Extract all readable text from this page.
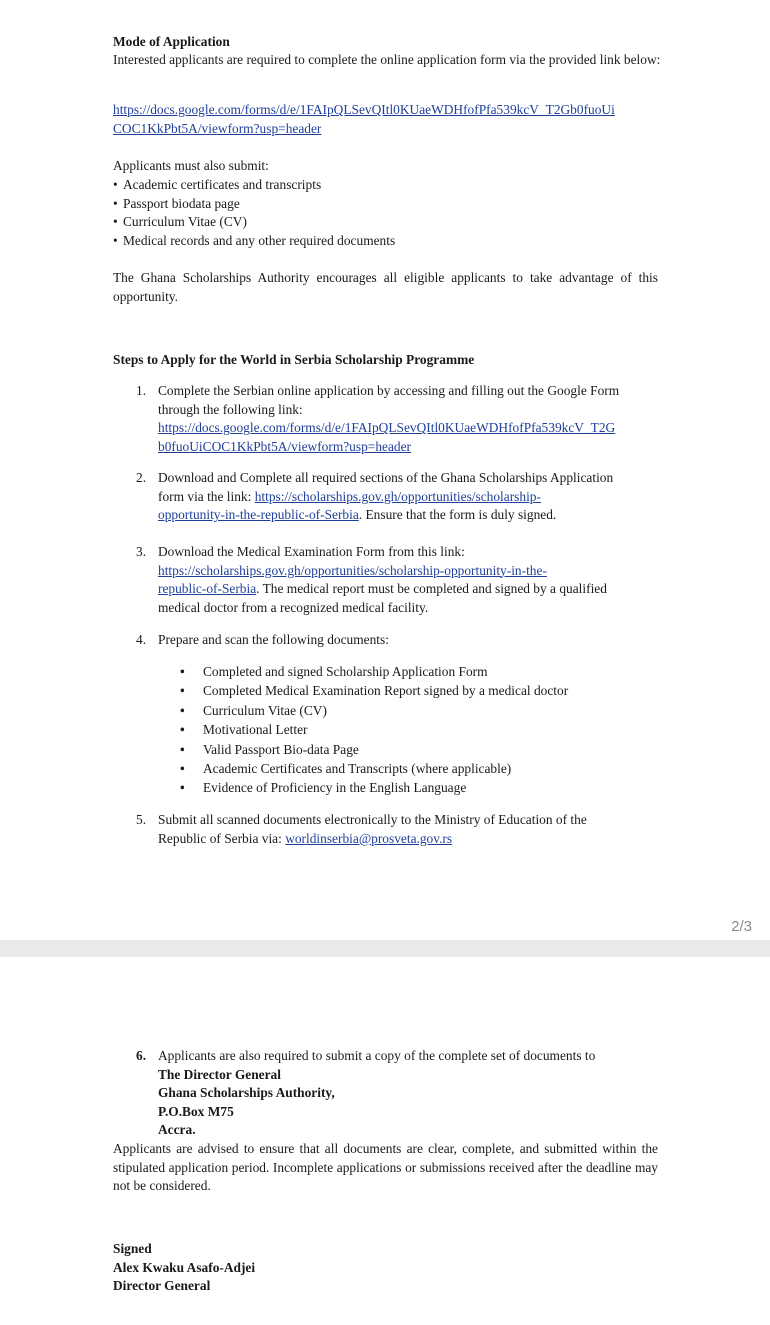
Mode of Application
Interested applicants are required to complete the online application form via the provided link below:
https://docs.google.com/forms/d/e/1FAIpQLSevQItl0KUaeWDHfofPfa539kcV_T2Gb0fuoUi
COC1KkPbt5A/viewform?usp=header
Applicants must also submit:
• Academic certificates and transcripts
• Passport biodata page
• Curriculum Vitae (CV)
• Medical records and any other required documents
The Ghana Scholarships Authority encourages all eligible applicants to take advantage of this opportunity.
Steps to Apply for the World in Serbia Scholarship Programme
1. Complete the Serbian online application by accessing and filling out the Google Form through the following link:
https://docs.google.com/forms/d/e/1FAIpQLSevQItl0KUaeWDHfofPfa539kcV_T2G
b0fuoUiCOC1KkPbt5A/viewform?usp=header
2. Download and Complete all required sections of the Ghana Scholarships Application
form via the link: https://scholarships.gov.gh/opportunities/scholarship-
opportunity-in-the-republic-of-Serbia. Ensure that the form is duly signed.
3. Download the Medical Examination Form from this link:
https://scholarships.gov.gh/opportunities/scholarship-opportunity-in-the-
republic-of-Serbia. The medical report must be completed and signed by a qualified
medical doctor from a recognized medical facility.
4. Prepare and scan the following documents:
• Completed and signed Scholarship Application Form
• Completed Medical Examination Report signed by a medical doctor
• Curriculum Vitae (CV)
• Motivational Letter
• Valid Passport Bio-data Page
• Academic Certificates and Transcripts (where applicable)
• Evidence of Proficiency in the English Language
5. Submit all scanned documents electronically to the Ministry of Education of the
Republic of Serbia via: worldinserbia@prosveta.gov.rs
2/3
6. Applicants are also required to submit a copy of the complete set of documents to
The Director General
Ghana Scholarships Authority,
P.O.Box M75
Accra.
Applicants are advised to ensure that all documents are clear, complete, and submitted within the stipulated application period. Incomplete applications or submissions received after the deadline may not be considered.
Signed
Alex Kwaku Asafo-Adjei
Director General
